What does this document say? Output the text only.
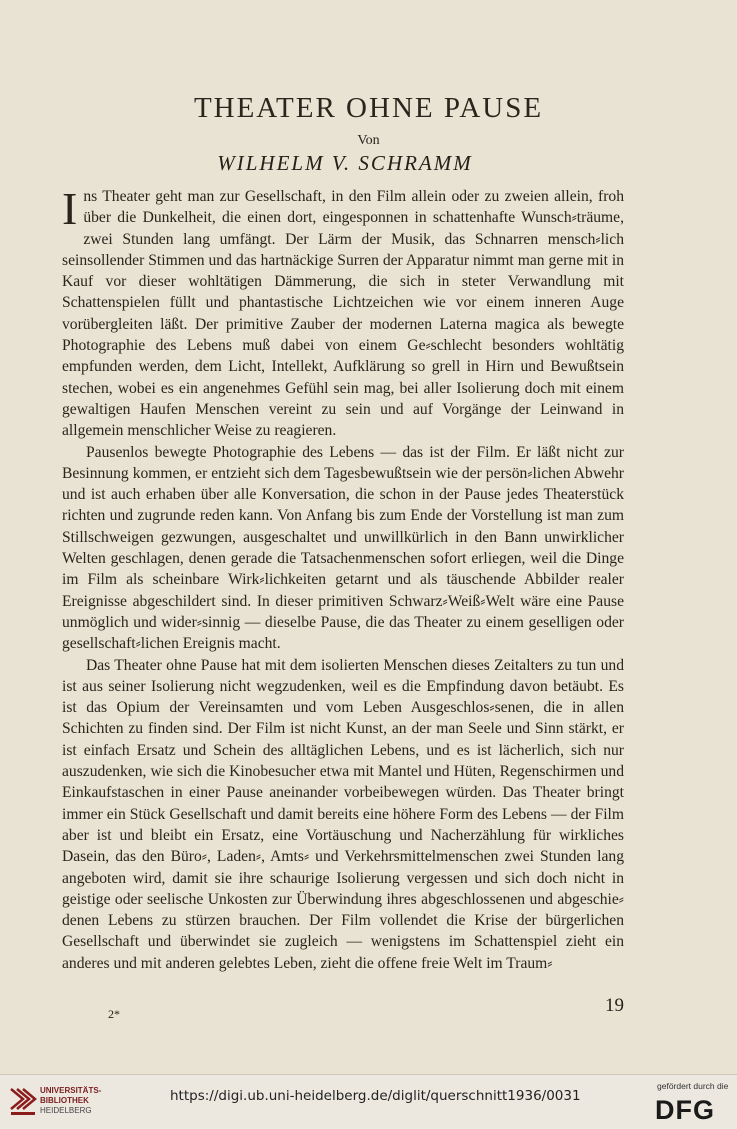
THEATER OHNE PAUSE
Von
WILHELM V. SCHRAMM

Ins Theater geht man zur Gesellschaft, in den Film allein oder zu zweien allein, froh über die Dunkelheit, die einen dort, eingesponnen in schattenhafte Wunsch⸗träume, zwei Stunden lang umfängt. Der Lärm der Musik, das Schnarren mensch⸗lich seinsollender Stimmen und das hartnäckige Surren der Apparatur nimmt man gerne mit in Kauf vor dieser wohltätigen Dämmerung, die sich in steter Verwandlung mit Schattenspielen füllt und phantastische Lichtzeichen wie vor einem inneren Auge vorübergleiten läßt. Der primitive Zauber der modernen Laterna magica als bewegte Photographie des Lebens muß dabei von einem Ge⸗schlecht besonders wohltätig empfunden werden, dem Licht, Intellekt, Aufklärung so grell in Hirn und Bewußtsein stechen, wobei es ein angenehmes Gefühl sein mag, bei aller Isolierung doch mit einem gewaltigen Haufen Menschen vereint zu sein und auf Vorgänge der Leinwand in allgemein menschlicher Weise zu reagieren.

Pausenlos bewegte Photographie des Lebens — das ist der Film. Er läßt nicht zur Besinnung kommen, er entzieht sich dem Tagesbewußtsein wie der persön⸗lichen Abwehr und ist auch erhaben über alle Konversation, die schon in der Pause jedes Theaterstück richten und zugrunde reden kann. Von Anfang bis zum Ende der Vorstellung ist man zum Stillschweigen gezwungen, ausgeschaltet und unwillkürlich in den Bann unwirklicher Welten geschlagen, denen gerade die Tatsachenmenschen sofort erliegen, weil die Dinge im Film als scheinbare Wirk⸗lichkeiten getarnt und als täuschende Abbilder realer Ereignisse abgeschildert sind. In dieser primitiven Schwarz⸗Weiß⸗Welt wäre eine Pause unmöglich und wider⸗sinnig — dieselbe Pause, die das Theater zu einem geselligen oder gesellschaft⸗lichen Ereignis macht.

Das Theater ohne Pause hat mit dem isolierten Menschen dieses Zeitalters zu tun und ist aus seiner Isolierung nicht wegzudenken, weil es die Empfindung davon betäubt. Es ist das Opium der Vereinsamten und vom Leben Ausgeschlos⸗senen, die in allen Schichten zu finden sind. Der Film ist nicht Kunst, an der man Seele und Sinn stärkt, er ist einfach Ersatz und Schein des alltäglichen Lebens, und es ist lächerlich, sich nur auszudenken, wie sich die Kinobesucher etwa mit Mantel und Hüten, Regenschirmen und Einkaufstaschen in einer Pause aneinander vorbeibewegen würden. Das Theater bringt immer ein Stück Gesellschaft und damit bereits eine höhere Form des Lebens — der Film aber ist und bleibt ein Ersatz, eine Vortäuschung und Nacherzählung für wirkliches Dasein, das den Büro⸗, Laden⸗, Amts⸗ und Verkehrsmittelmenschen zwei Stunden lang angeboten wird, damit sie ihre schaurige Isolierung vergessen und sich doch nicht in geistige oder seelische Unkosten zur Überwindung ihres abgeschlossenen und abgeschie⸗denen Lebens zu stürzen brauchen. Der Film vollendet die Krise der bürgerlichen Gesellschaft und überwindet sie zugleich — wenigstens im Schattenspiel zieht ein anderes und mit anderen gelebtes Leben, zieht die offene freie Welt im Traum⸗

2*	19
UNIVERSITÄTS-
BIBLIOTHEK
HEIDELBERG
https://digi.ub.uni-heidelberg.de/diglit/querschnitt1936/0031
gefördert durch die
DFG
